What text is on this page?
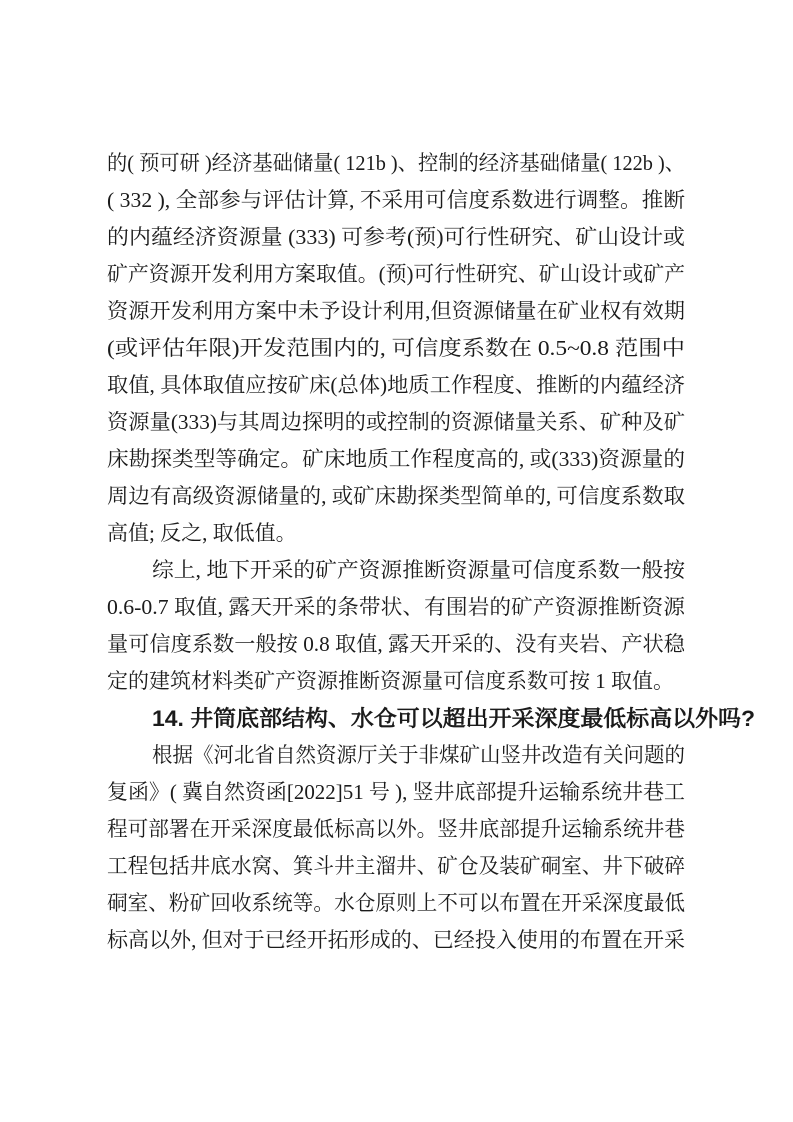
的( 预可研 )经济基础储量( 121b )、控制的经济基础储量( 122b )、
( 332 ), 全部参与评估计算, 不采用可信度系数进行调整。推断
的内蕴经济资源量 (333) 可参考(预)可行性研究、矿山设计或
矿产资源开发利用方案取值。(预)可行性研究、矿山设计或矿产
资源开发利用方案中未予设计利用,但资源储量在矿业权有效期
(或评估年限)开发范围内的, 可信度系数在 0.5~0.8 范围中
取值, 具体取值应按矿床(总体)地质工作程度、推断的内蕴经济
资源量(333)与其周边探明的或控制的资源储量关系、矿种及矿
床勘探类型等确定。矿床地质工作程度高的, 或(333)资源量的
周边有高级资源储量的, 或矿床勘探类型简单的, 可信度系数取
高值; 反之, 取低值。
综上, 地下开采的矿产资源推断资源量可信度系数一般按
0.6-0.7 取值, 露天开采的条带状、有围岩的矿产资源推断资源
量可信度系数一般按 0.8 取值, 露天开采的、没有夹岩、产状稳
定的建筑材料类矿产资源推断资源量可信度系数可按 1 取值。
14. 井筒底部结构、水仓可以超出开采深度最低标高以外吗?
根据《河北省自然资源厅关于非煤矿山竖井改造有关问题的
复函》( 冀自然资函[2022]51 号 ), 竖井底部提升运输系统井巷工
程可部署在开采深度最低标高以外。竖井底部提升运输系统井巷
工程包括井底水窝、箕斗井主溜井、矿仓及装矿硐室、井下破碎
硐室、粉矿回收系统等。水仓原则上不可以布置在开采深度最低
标高以外, 但对于已经开拓形成的、已经投入使用的布置在开采
